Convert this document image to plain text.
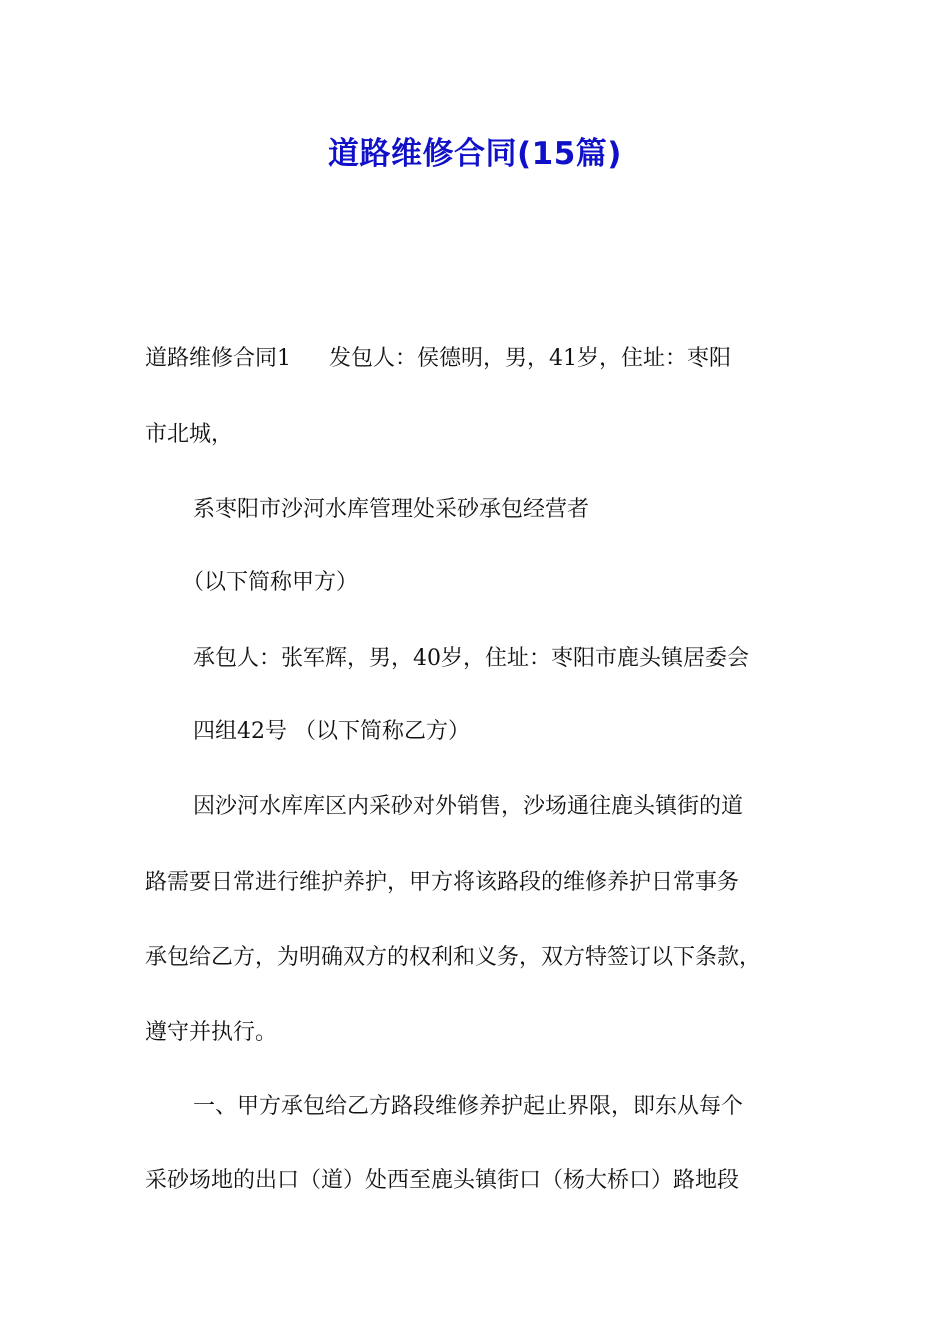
道路维修合同(15篇)

道路维修合同1 发包人：侯德明，男，41岁，住址：枣阳

市北城，

系枣阳市沙河水库管理处采砂承包经营者

（以下简称甲方）

承包人：张军辉，男，40岁，住址：枣阳市鹿头镇居委会

四组42号 （以下简称乙方）

因沙河水库库区内采砂对外销售，沙场通往鹿头镇街的道

路需要日常进行维护养护，甲方将该路段的维修养护日常事务

承包给乙方，为明确双方的权利和义务，双方特签订以下条款，

遵守并执行。

一、甲方承包给乙方路段维修养护起止界限，即东从每个

采砂场地的出口（道）处西至鹿头镇街口（杨大桥口）路地段
